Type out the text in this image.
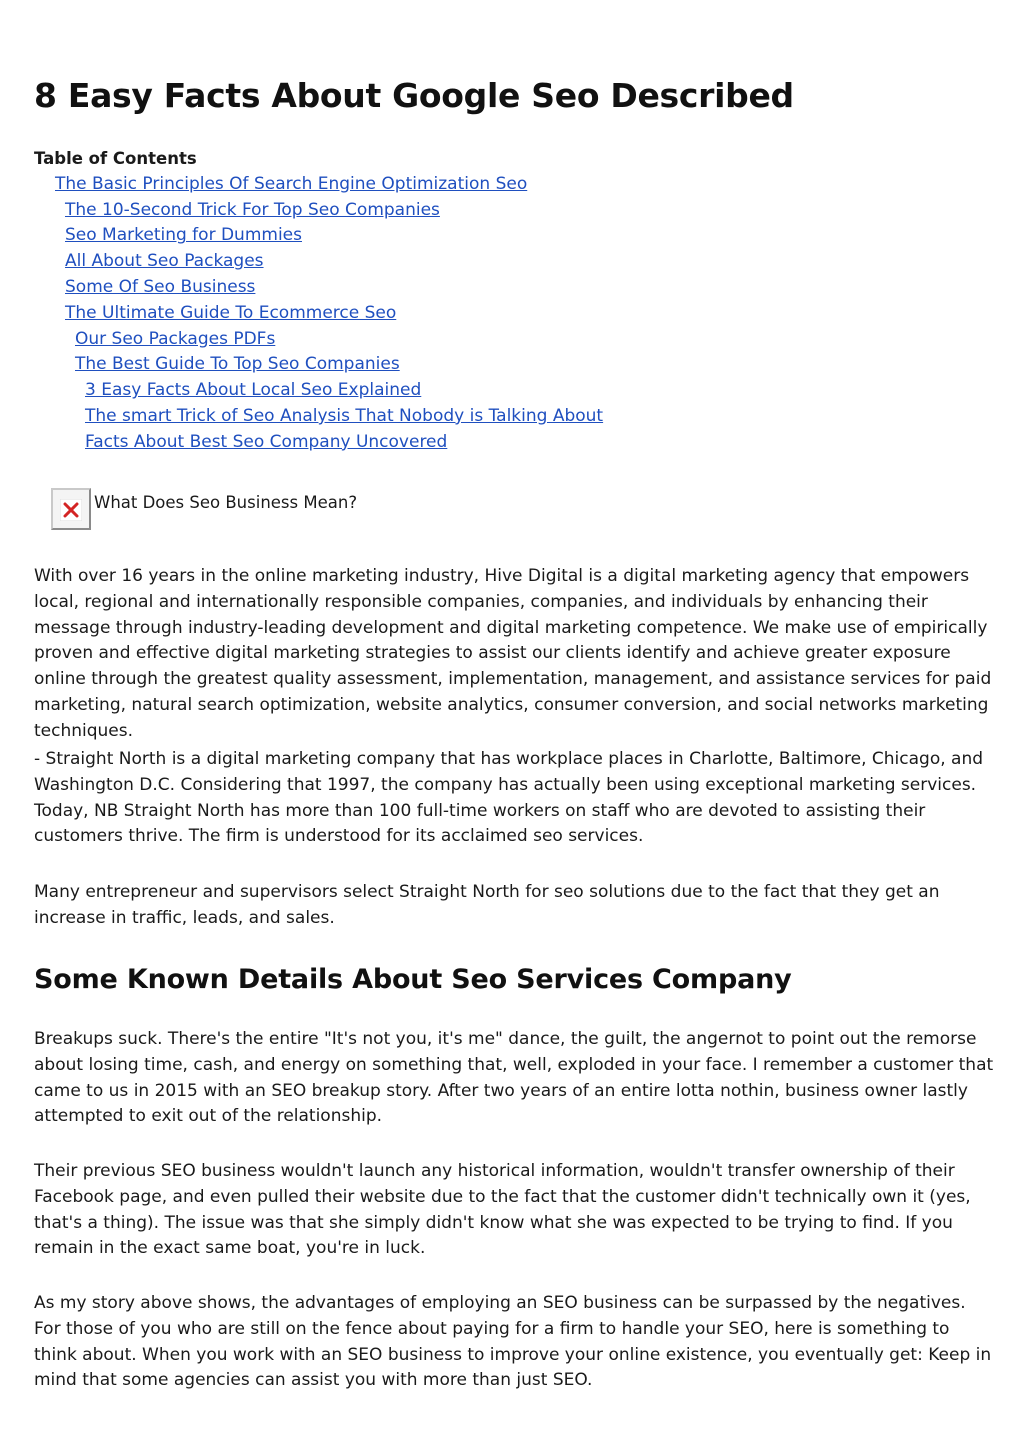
8 Easy Facts About Google Seo Described
Table of Contents
The Basic Principles Of Search Engine Optimization Seo
The 10-Second Trick For Top Seo Companies
Seo Marketing for Dummies
All About Seo Packages
Some Of Seo Business
The Ultimate Guide To Ecommerce Seo
Our Seo Packages PDFs
The Best Guide To Top Seo Companies
3 Easy Facts About Local Seo Explained
The smart Trick of Seo Analysis That Nobody is Talking About
Facts About Best Seo Company Uncovered
What Does Seo Business Mean?

With over 16 years in the online marketing industry, Hive Digital is a digital marketing agency that empowers local, regional and internationally responsible companies, companies, and individuals by enhancing their message through industry-leading development and digital marketing competence. We make use of empirically proven and effective digital marketing strategies to assist our clients identify and achieve greater exposure online through the greatest quality assessment, implementation, management, and assistance services for paid marketing, natural search optimization, website analytics, consumer conversion, and social networks marketing techniques.

- Straight North is a digital marketing company that has workplace places in Charlotte, Baltimore, Chicago, and Washington D.C. Considering that 1997, the company has actually been using exceptional marketing services. Today, NB Straight North has more than 100 full-time workers on staff who are devoted to assisting their customers thrive. The firm is understood for its acclaimed seo services.

Many entrepreneur and supervisors select Straight North for seo solutions due to the fact that they get an increase in traffic, leads, and sales.

Some Known Details About Seo Services Company

Breakups suck. There's the entire "It's not you, it's me" dance, the guilt, the angernot to point out the remorse about losing time, cash, and energy on something that, well, exploded in your face. I remember a customer that came to us in 2015 with an SEO breakup story. After two years of an entire lotta nothin, business owner lastly attempted to exit out of the relationship.

Their previous SEO business wouldn't launch any historical information, wouldn't transfer ownership of their Facebook page, and even pulled their website due to the fact that the customer didn't technically own it (yes, that's a thing). The issue was that she simply didn't know what she was expected to be trying to find. If you remain in the exact same boat, you're in luck.

As my story above shows, the advantages of employing an SEO business can be surpassed by the negatives. For those of you who are still on the fence about paying for a firm to handle your SEO, here is something to think about. When you work with an SEO business to improve your online existence, you eventually get: Keep in mind that some agencies can assist you with more than just SEO.
